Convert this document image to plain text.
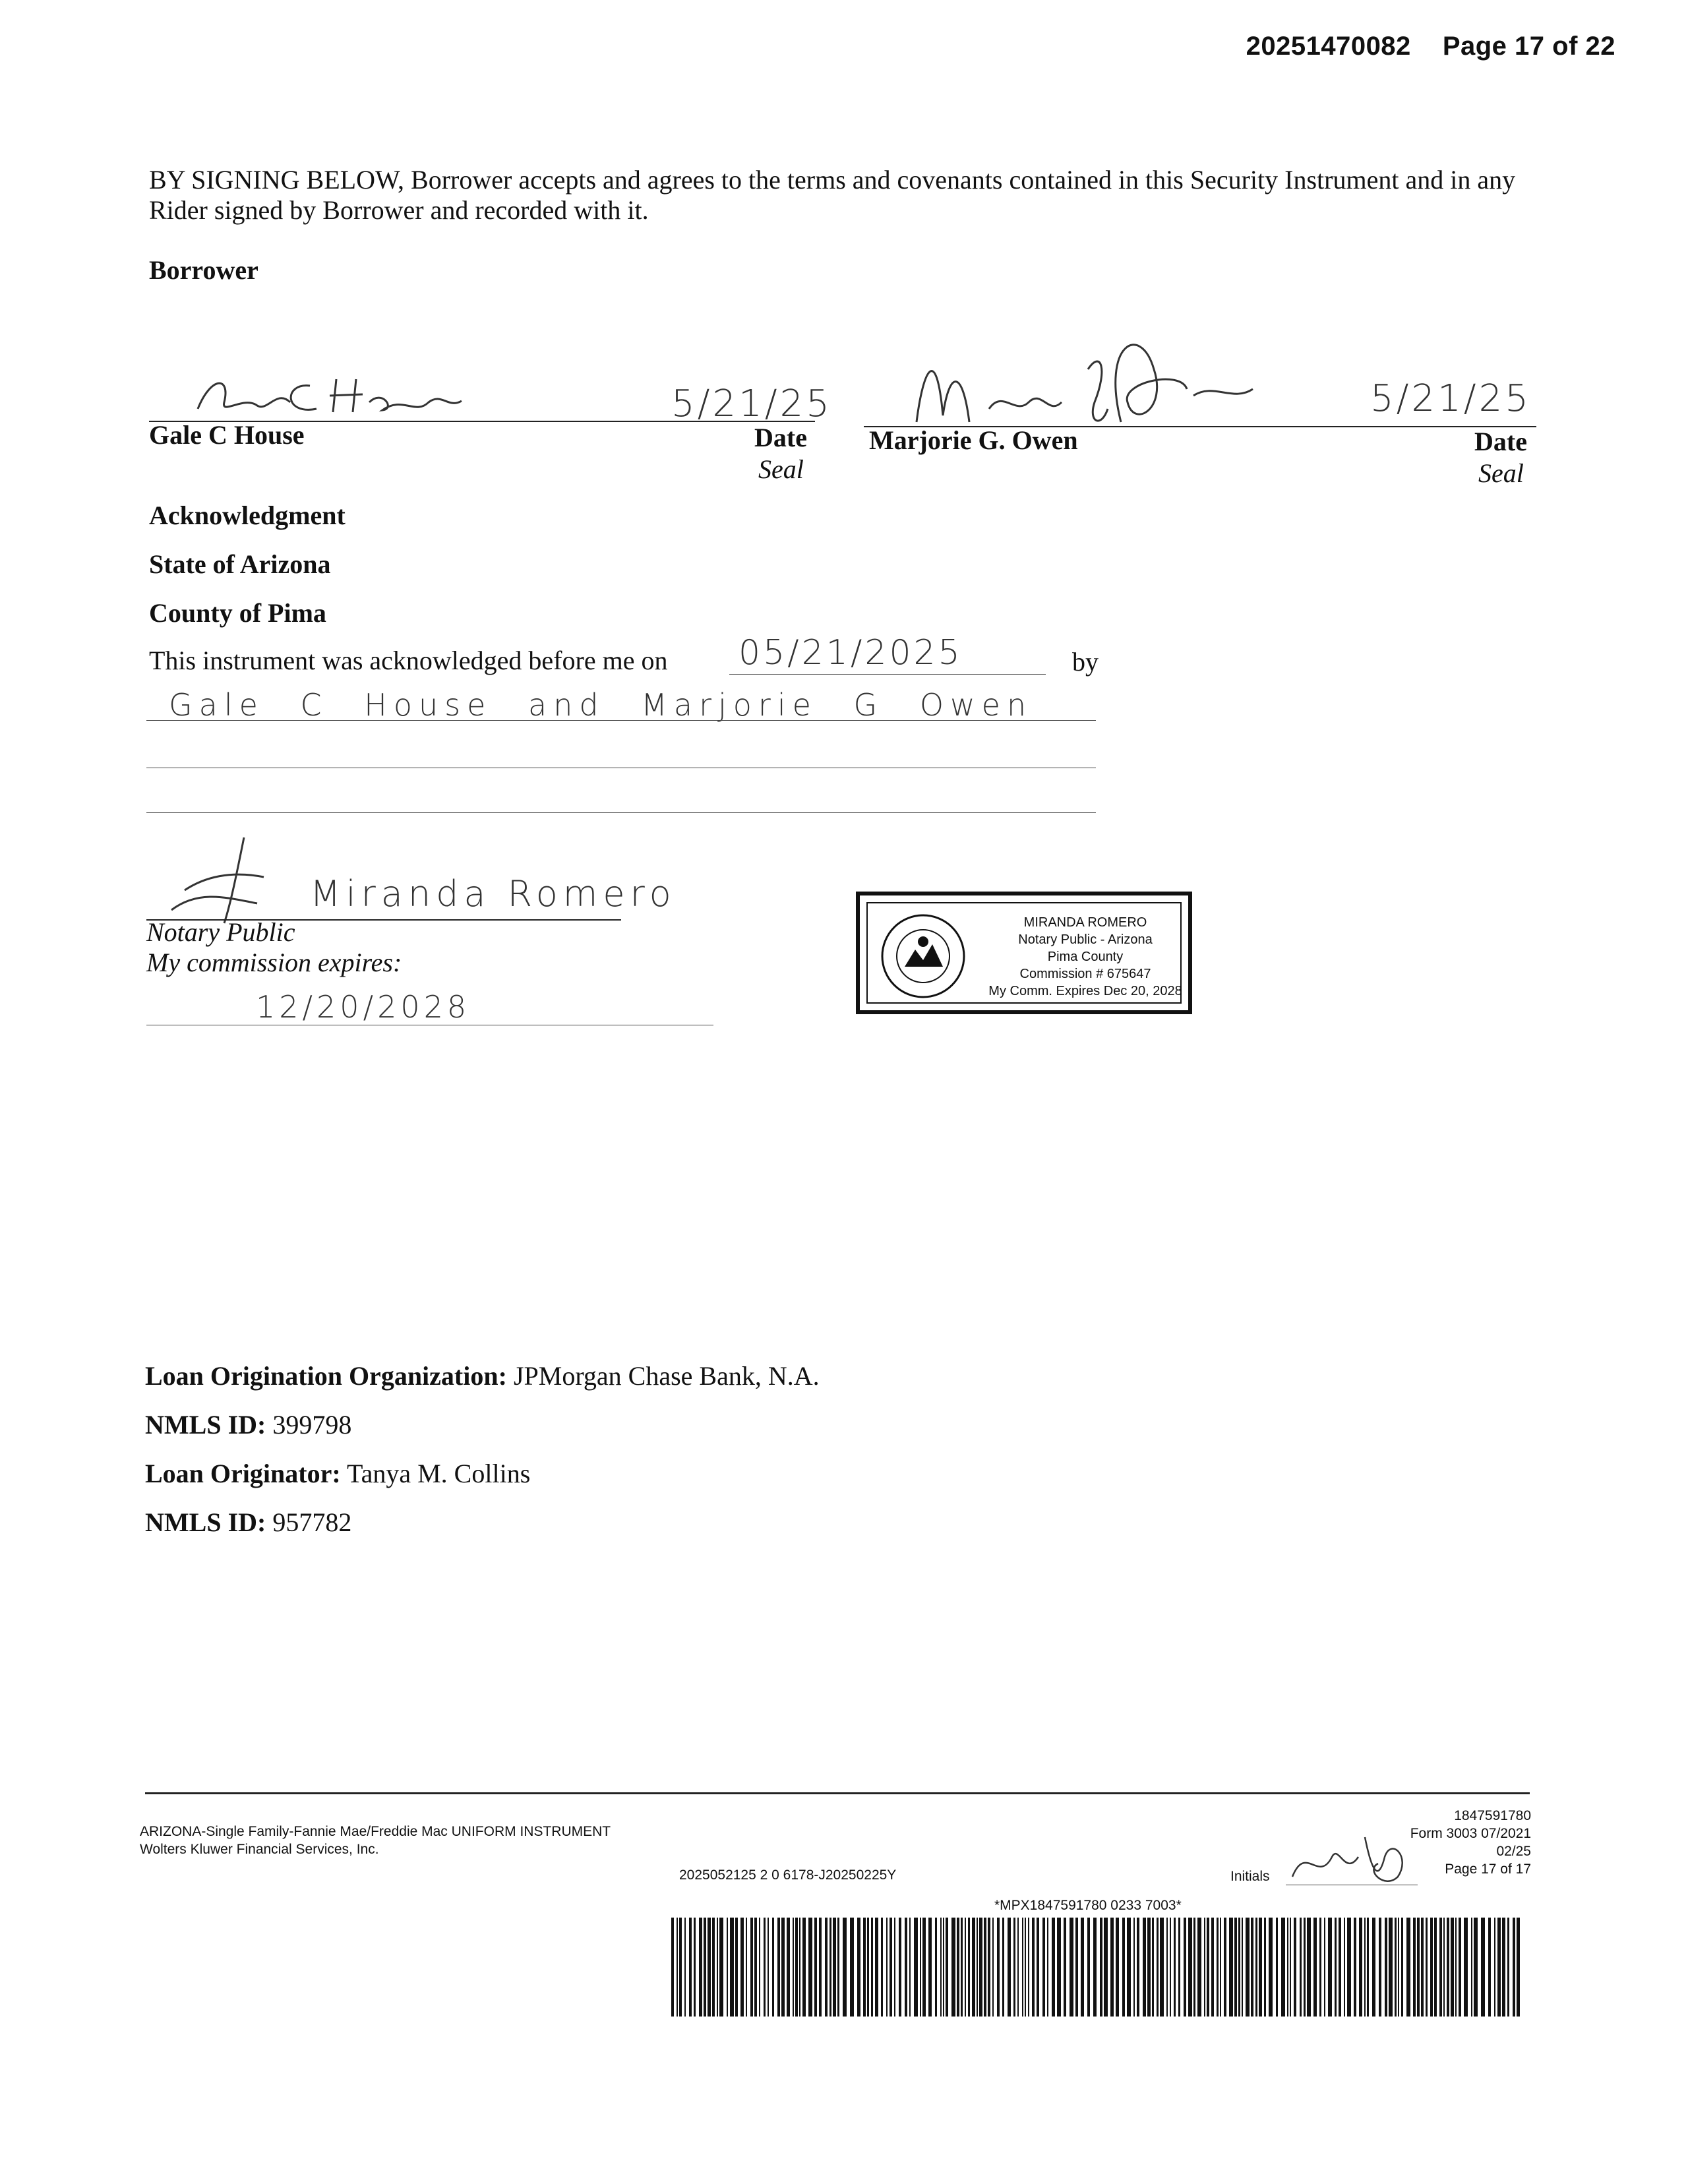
20251470082 Page 17 of 22
BY SIGNING BELOW, Borrower accepts and agrees to the terms and covenants contained in this Security Instrument and in any Rider signed by Borrower and recorded with it.
Borrower
5/21/25
Gale C House	Date
Seal
5/21/25
Marjorie G. Owen	Date
Seal
Acknowledgment
State of Arizona
County of Pima
This instrument was acknowledged before me on 05/21/2025	by
Gale C House and Marjorie G Owen
Miranda Romero
Notary Public
My commission expires:
12/20/2028
MIRANDA ROMERO
Notary Public - Arizona
Pima County
Commission # 675647
My Comm. Expires Dec 20, 2028
Loan Origination Organization: JPMorgan Chase Bank, N.A.
NMLS ID: 399798
Loan Originator: Tanya M. Collins
NMLS ID: 957782
ARIZONA-Single Family-Fannie Mae/Freddie Mac UNIFORM INSTRUMENT
Wolters Kluwer Financial Services, Inc.
2025052125 2 0 6178-J20250225Y	Initials
1847591780
Form 3003 07/2021
02/25
Page 17 of 17
*MPX1847591780 0233 7003*
